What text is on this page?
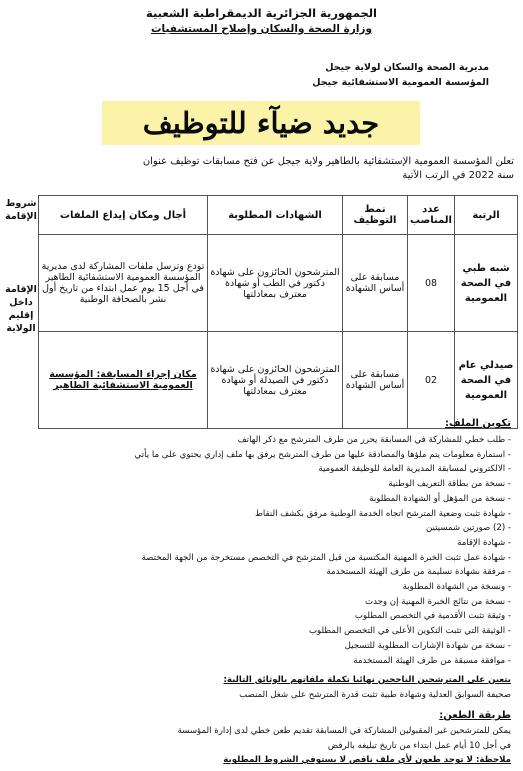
الجمهورية الجزائرية الديمقراطية الشعبية
وزارة الصحة والسكان وإصلاح المستشفيات
مديرية الصحة والسكان لولاية جيجل
المؤسسة العمومية الاستشفائية جيجل
جديد ضيآء للتوظيف
تعلن المؤسسة العمومية الإستشفائية بالطاهير ولاية جيجل عن فتح مسابقات توظيف عنوان
سنة 2022 في الرتب الآتية
شروط الإقامة
الإقامة داخل إقليم الولاية
الرتبة	عدد المناصب	نمط التوظيف	الشهادات المطلوبة	أجال ومكان إيداع الملفات
شبه طبي في الصحة العمومية	08	مسابقة على أساس الشهادة	المترشحون الحائزون على شهادة دكتور في الطب أو شهادة معترف بمعادلتها	تودع وترسل ملفات المشاركة لدى مديرية المؤسسة العمومية الاستشفائية الطاهير في أجل 15 يوم عمل ابتداء من تاريخ أول نشر بالصحافة الوطنية
صيدلي عام في الصحة العمومية	02	مسابقة على أساس الشهادة	المترشحون الحائزون على شهادة دكتور في الصيدلة أو شهادة معترف بمعادلتها	مكان إجراء المسابقة: المؤسسة العمومية الاستشفائية الطاهير
تكوين الملف:
- طلب خطي للمشاركة في المسابقة يحرر من طرف المترشح مع ذكر الهاتف
- استمارة معلومات يتم ملؤها والمصادقة عليها من طرف المترشح يرفق بها ملف إداري يحتوي على ما يأتي
- الالكتروني لمسابقة المديرية العامة للوظيفة العمومية
- نسخة من بطاقة التعريف الوطنية
- نسخة من المؤهل أو الشهادة المطلوبة
- شهادة تثبت وضعية المترشح اتجاه الخدمة الوطنية مرفق بكشف النقاط
- (2) صورتين شمسيتين
- شهادة الإقامة
- شهادة عمل تثبت الخبرة المهنية المكتسبة من قبل المترشح في التخصص مستخرجة من الجهة المختصة
- مرفقة بشهادة تسليمة من طرف الهيئة المستخدمة
- ونسخة من الشهادة المطلوبة
- نسخة من نتائج الخبرة المهنية إن وجدت
- وثيقة تثبت الأقدمية في التخصص المطلوب
- الوثيقة التي تثبت التكوين الأعلى في التخصص المطلوب
- نسخة من شهادة الإشارات المطلوبة للتسجيل
- موافقة مسبقة من طرف الهيئة المستخدمة
يتعين على المترشحين الناجحين نهائيا تكملة ملفاتهم بالوثائق التالية:
صحيفة السوابق العدلية وشهادة طبية تثبت قدرة المترشح على شغل المنصب
طريقة الطعن:
يمكن للمترشحين غير المقبولين المشاركة في المسابقة تقديم طعن خطي لدى إدارة المؤسسة
في أجل 10 أيام عمل ابتداء من تاريخ تبليغه بالرفض
ملاحظة: لا توجد طعون لأي ملف ناقص لا يستوفي الشروط المطلوبة
